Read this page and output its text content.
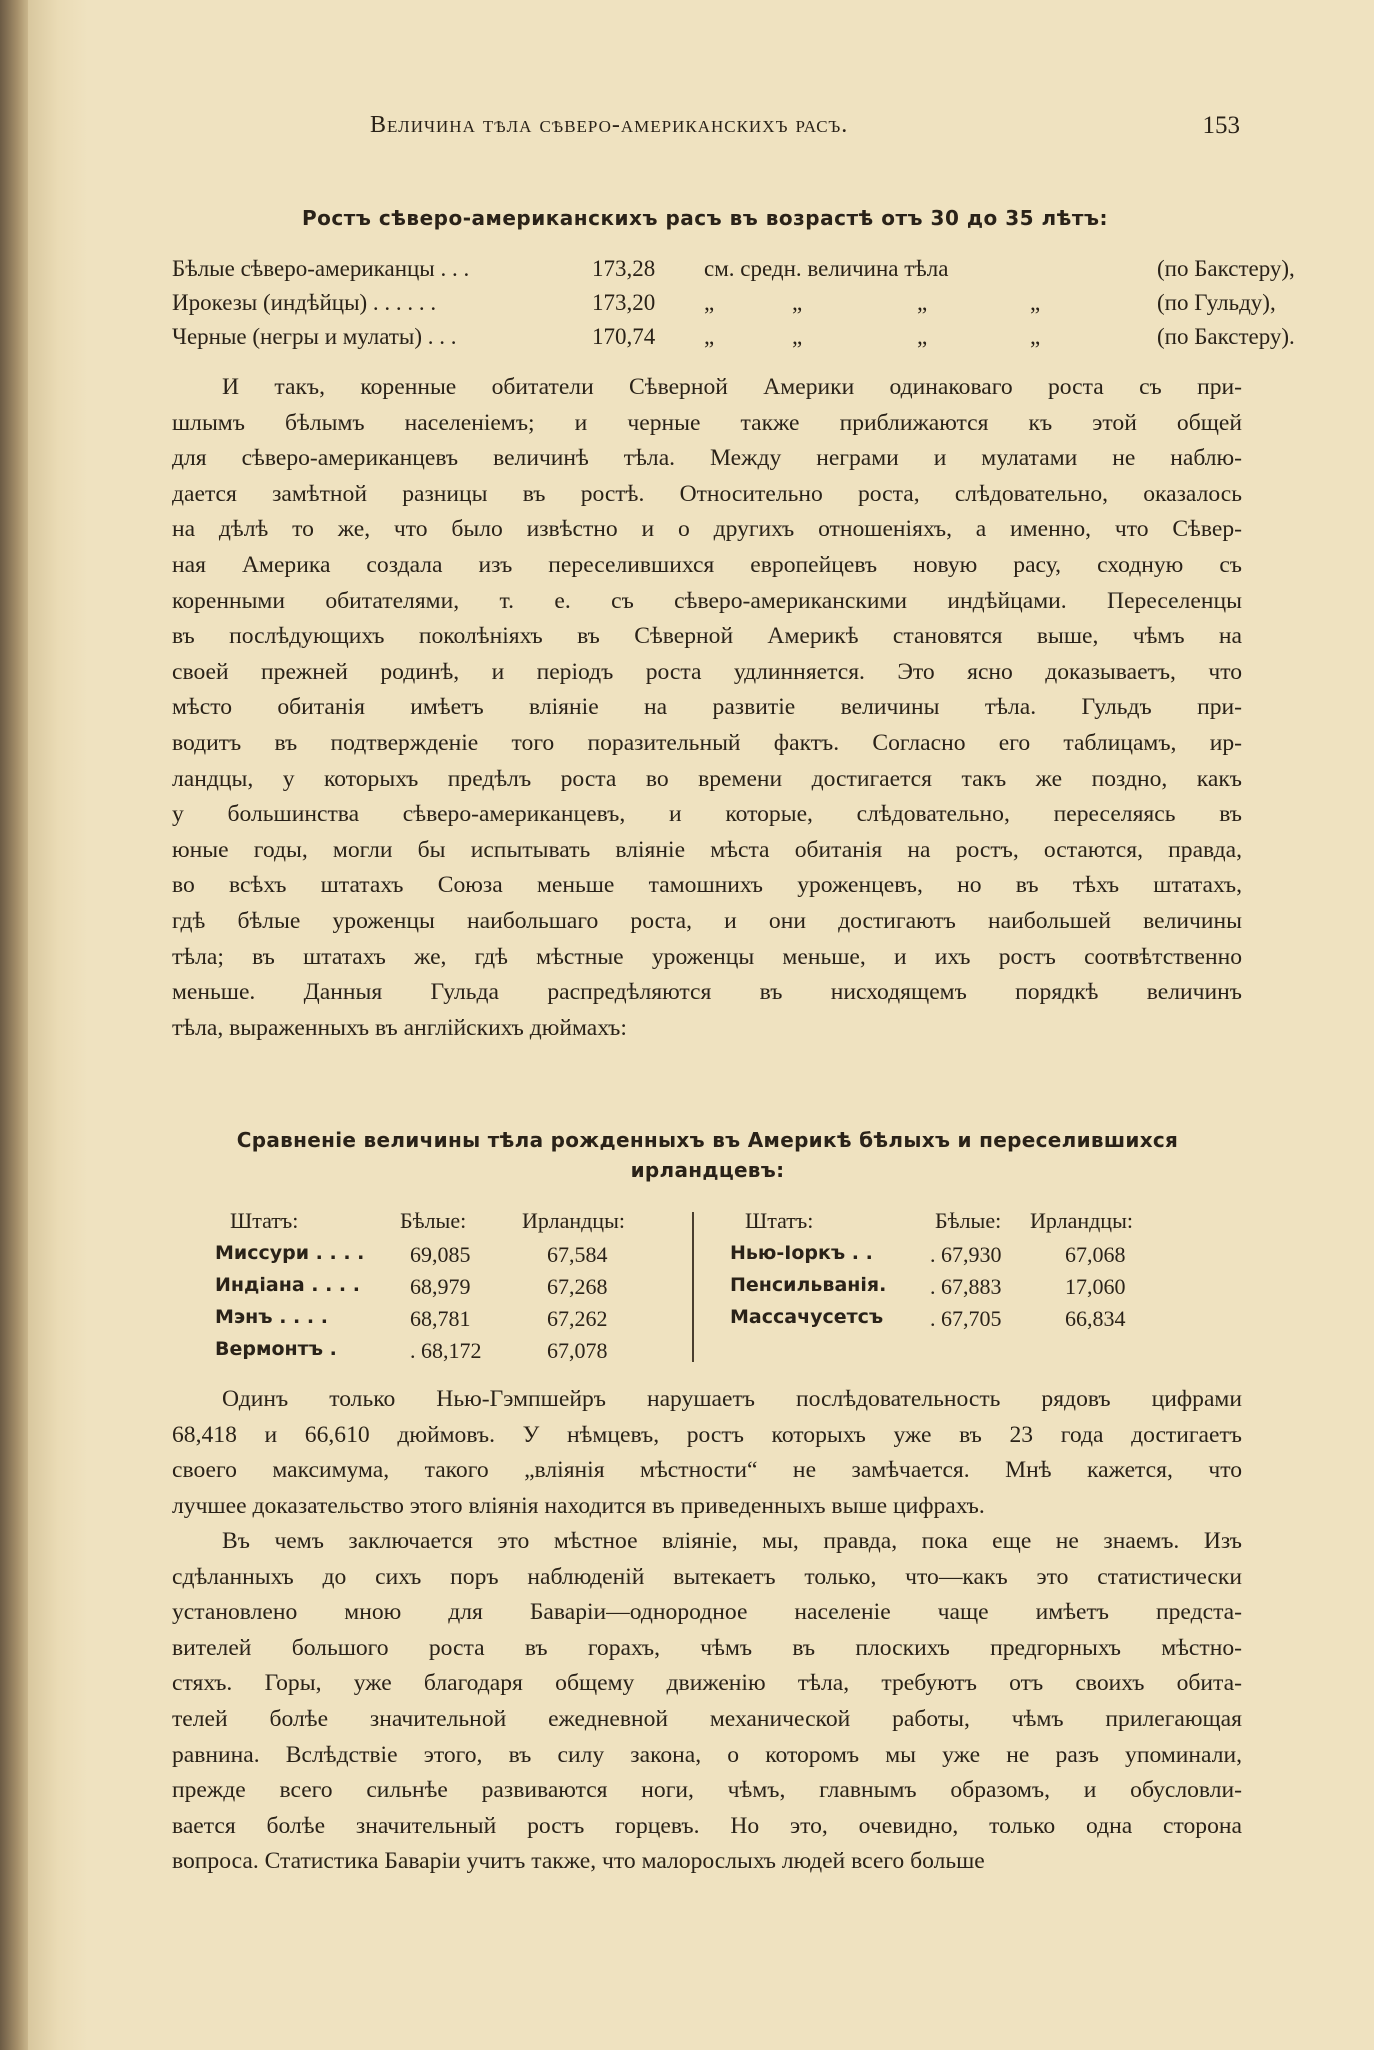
Величина тѣла сѣверо-американскихъ расъ.	153
Ростъ сѣверо-американскихъ расъ въ возрастѣ отъ 30 до 35 лѣтъ:
Бѣлые сѣверо-американцы . . .	173,28 см. средн. величина тѣла	(по Бакстеру),
Ирокезы (индѣйцы) . . . . . .	173,20 „	„	„	„	(по Гульду),
Черные (негры и мулаты) . . .	170,74 „	„	„	„	(по Бакстеру).
И такъ, коренные обитатели Сѣверной Америки одинаковаго роста съ при-
шлымъ бѣлымъ населеніемъ; и черные также приближаются къ этой общей
для сѣверо-американцевъ величинѣ тѣла. Между неграми и мулатами не наблю-
дается замѣтной разницы въ ростѣ. Относительно роста, слѣдовательно, оказалось
на дѣлѣ то же, что было извѣстно и о другихъ отношеніяхъ, а именно, что Сѣвер-
ная Америка создала изъ переселившихся европейцевъ новую расу, сходную съ
коренными обитателями, т. е. съ сѣверо-американскими индѣйцами. Переселенцы
въ послѣдующихъ поколѣніяхъ въ Сѣверной Америкѣ становятся выше, чѣмъ на
своей прежней родинѣ, и періодъ роста удлинняется. Это ясно доказываетъ, что
мѣсто обитанія имѣетъ вліяніе на развитіе величины тѣла. Гульдъ при-
водитъ въ подтвержденіе того поразительный фактъ. Согласно его таблицамъ, ир-
ландцы, у которыхъ предѣлъ роста во времени достигается такъ же поздно, какъ
у большинства сѣверо-американцевъ, и которые, слѣдовательно, переселяясь въ
юные годы, могли бы испытывать вліяніе мѣста обитанія на ростъ, остаются, правда,
во всѣхъ штатахъ Союза меньше тамошнихъ уроженцевъ, но въ тѣхъ штатахъ,
гдѣ бѣлые уроженцы наибольшаго роста, и они достигаютъ наибольшей величины
тѣла; въ штатахъ же, гдѣ мѣстные уроженцы меньше, и ихъ ростъ соотвѣтственно
меньше. Данныя Гульда распредѣляются въ нисходящемъ порядкѣ величинъ
тѣла, выраженныхъ въ англійскихъ дюймахъ:
Сравненіе величины тѣла рожденныхъ въ Америкѣ бѣлыхъ и переселившихся
ирландцевъ:
Штатъ:	Бѣлые:	Ирландцы:
Миссури . . . . 69,085	67,584
Индіана . . . . 68,979	67,268
Мэнъ . . . .	68,781	67,262
Вермонтъ .	. 68,172	67,078
Штатъ:	Бѣлые: Ирландцы:
Нью-Іоркъ . .	. 67,930	67,068
Пенсильванія. . 67,883	17,060
Массачусетсъ . 67,705	66,834
Одинъ только Нью-Гэмпшейръ нарушаетъ послѣдовательность рядовъ цифрами
68,418 и 66,610 дюймовъ. У нѣмцевъ, ростъ которыхъ уже въ 23 года достигаетъ
своего максимума, такого „вліянія мѣстности“ не замѣчается. Мнѣ кажется, что
лучшее доказательство этого вліянія находится въ приведенныхъ выше цифрахъ.
Въ чемъ заключается это мѣстное вліяніе, мы, правда, пока еще не знаемъ. Изъ
сдѣланныхъ до сихъ поръ наблюденій вытекаетъ только, что—какъ это статистически
установлено мною для Баваріи—однородное населеніе чаще имѣетъ предста-
вителей большого роста въ горахъ, чѣмъ въ плоскихъ предгорныхъ мѣстно-
стяхъ. Горы, уже благодаря общему движенію тѣла, требуютъ отъ своихъ обита-
телей болѣе значительной ежедневной механической работы, чѣмъ прилегающая
равнина. Вслѣдствіе этого, въ силу закона, о которомъ мы уже не разъ упоминали,
прежде всего сильнѣе развиваются ноги, чѣмъ, главнымъ образомъ, и обусловли-
вается болѣе значительный ростъ горцевъ. Но это, очевидно, только одна сторона
вопроса. Статистика Баваріи учитъ также, что малорослыхъ людей всего больше
